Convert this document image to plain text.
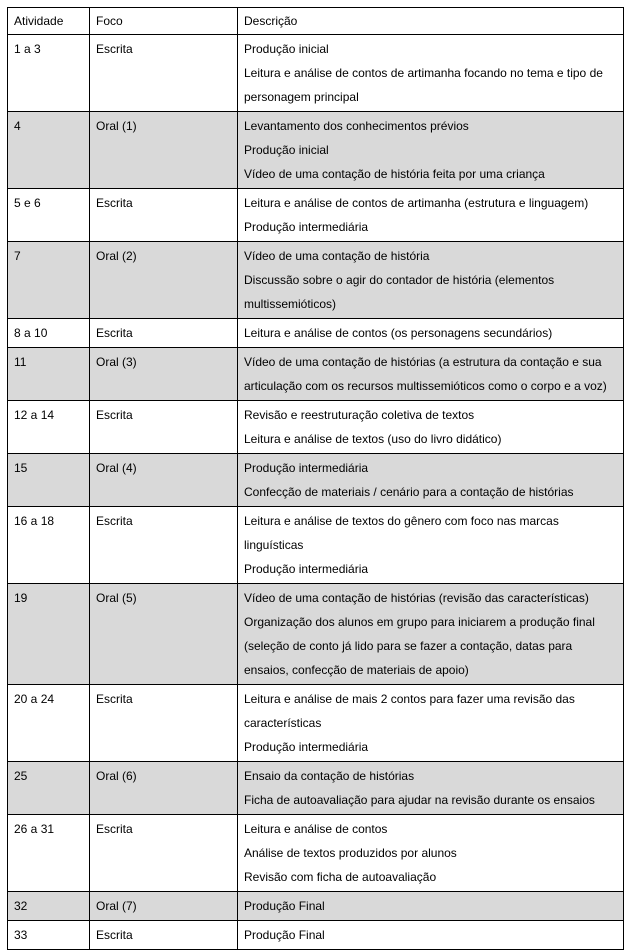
Atividade	Foco	Descrição
1 a 3	Escrita	Produção inicial
Leitura e análise de contos de artimanha focando no tema e tipo de personagem principal

4	Oral (1)	Levantamento dos conhecimentos prévios
Produção inicial
Vídeo de uma contação de história feita por uma criança

5 e 6	Escrita	Leitura e análise de contos de artimanha (estrutura e linguagem)
Produção intermediária

7	Oral (2)	Vídeo de uma contação de história
Discussão sobre o agir do contador de história (elementos multissemióticos)

8 a 10	Escrita	Leitura e análise de contos (os personagens secundários)

11	Oral (3)	Vídeo de uma contação de histórias (a estrutura da contação e sua articulação com os recursos multissemióticos como o corpo e a voz)

12 a 14	Escrita	Revisão e reestruturação coletiva de textos
Leitura e análise de textos (uso do livro didático)

15	Oral (4)	Produção intermediária
Confecção de materiais / cenário para a contação de histórias

16 a 18	Escrita	Leitura e análise de textos do gênero com foco nas marcas linguísticas
Produção intermediária

19	Oral (5)	Vídeo de uma contação de histórias (revisão das características)
Organização dos alunos em grupo para iniciarem a produção final (seleção de conto já lido para se fazer a contação, datas para ensaios, confecção de materiais de apoio)

20 a 24	Escrita	Leitura e análise de mais 2 contos para fazer uma revisão das características
Produção intermediária

25	Oral (6)	Ensaio da contação de histórias
Ficha de autoavaliação para ajudar na revisão durante os ensaios

26 a 31	Escrita	Leitura e análise de contos
Análise de textos produzidos por alunos
Revisão com ficha de autoavaliação

32	Oral (7)	Produção Final

33	Escrita	Produção Final
